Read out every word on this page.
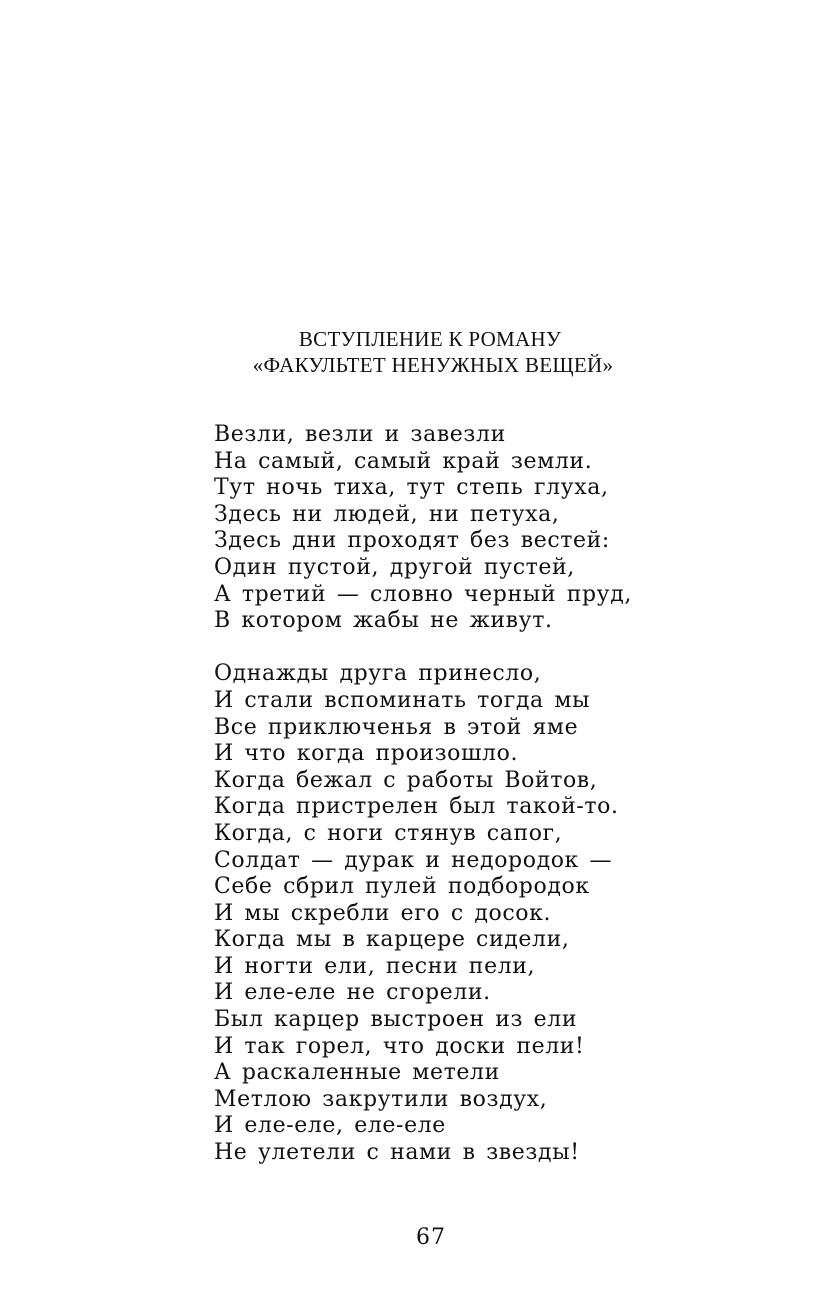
ВСТУПЛЕНИЕ К РОМАНУ
«ФАКУЛЬТЕТ НЕНУЖНЫХ ВЕЩЕЙ»

Везли, везли и завезли
На самый, самый край земли.
Тут ночь тиха, тут степь глуха,
Здесь ни людей, ни петуха,
Здесь дни проходят без вестей:
Один пустой, другой пустей,
А третий — словно черный пруд,
В котором жабы не живут.

Однажды друга принесло,
И стали вспоминать тогда мы
Все приключенья в этой яме
И что когда произошло.
Когда бежал с работы Войтов,
Когда пристрелен был такой-то.
Когда, с ноги стянув сапог,
Солдат — дурак и недородок —
Себе сбрил пулей подбородок
И мы скребли его с досок.
Когда мы в карцере сидели,
И ногти ели, песни пели,
И еле-еле не сгорели.
Был карцер выстроен из ели
И так горел, что доски пели!
А раскаленные метели
Метлою закрутили воздух,
И еле-еле, еле-еле
Не улетели с нами в звезды!

67
